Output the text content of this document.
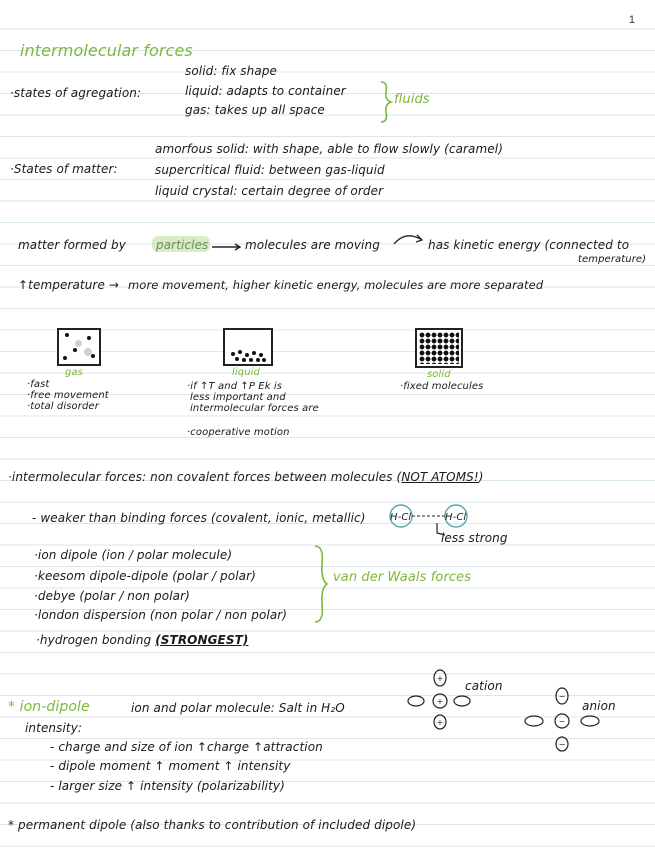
1
intermolecular forces
solid: fix shape
·states of agregation:	liquid: adapts to container
gas: takes up all space
fluids
amorfous solid: with shape, able to flow slowly (caramel)
·States of matter:	supercritical fluid: between gas-liquid
liquid crystal: certain degree of order
matter formed by	particles	molecules are moving	has kinetic energy (connected to
temperature)
↑temperature → more movement, higher kinetic energy, molecules are more separated
gas
·fast
·free movement
·total disorder
liquid
·if ↑T and ↑P Ek is
less important and
intermolecular forces are
·cooperative motion
solid
·fixed molecules
·intermolecular forces: non covalent forces between molecules (NOT ATOMS!)
- weaker than binding forces (covalent, ionic, metallic) H-Cl	H-Cl
less strong
·ion dipole (ion / polar molecule)
·keesom dipole-dipole (polar / polar)
·debye (polar / non polar)
·london dispersion (non polar / non polar)
van der Waals forces
·hydrogen bonding (STRONGEST)
* ion-dipole	ion and polar molecule: Salt in H₂O
intensity:
- charge and size of ion ↑charge ↑attraction
- dipole moment ↑ moment ↑ intensity
- larger size ↑ intensity (polarizability)
+
+
+
cation
−
−
−
anion
* permanent dipole (also thanks to contribution of included dipole)
